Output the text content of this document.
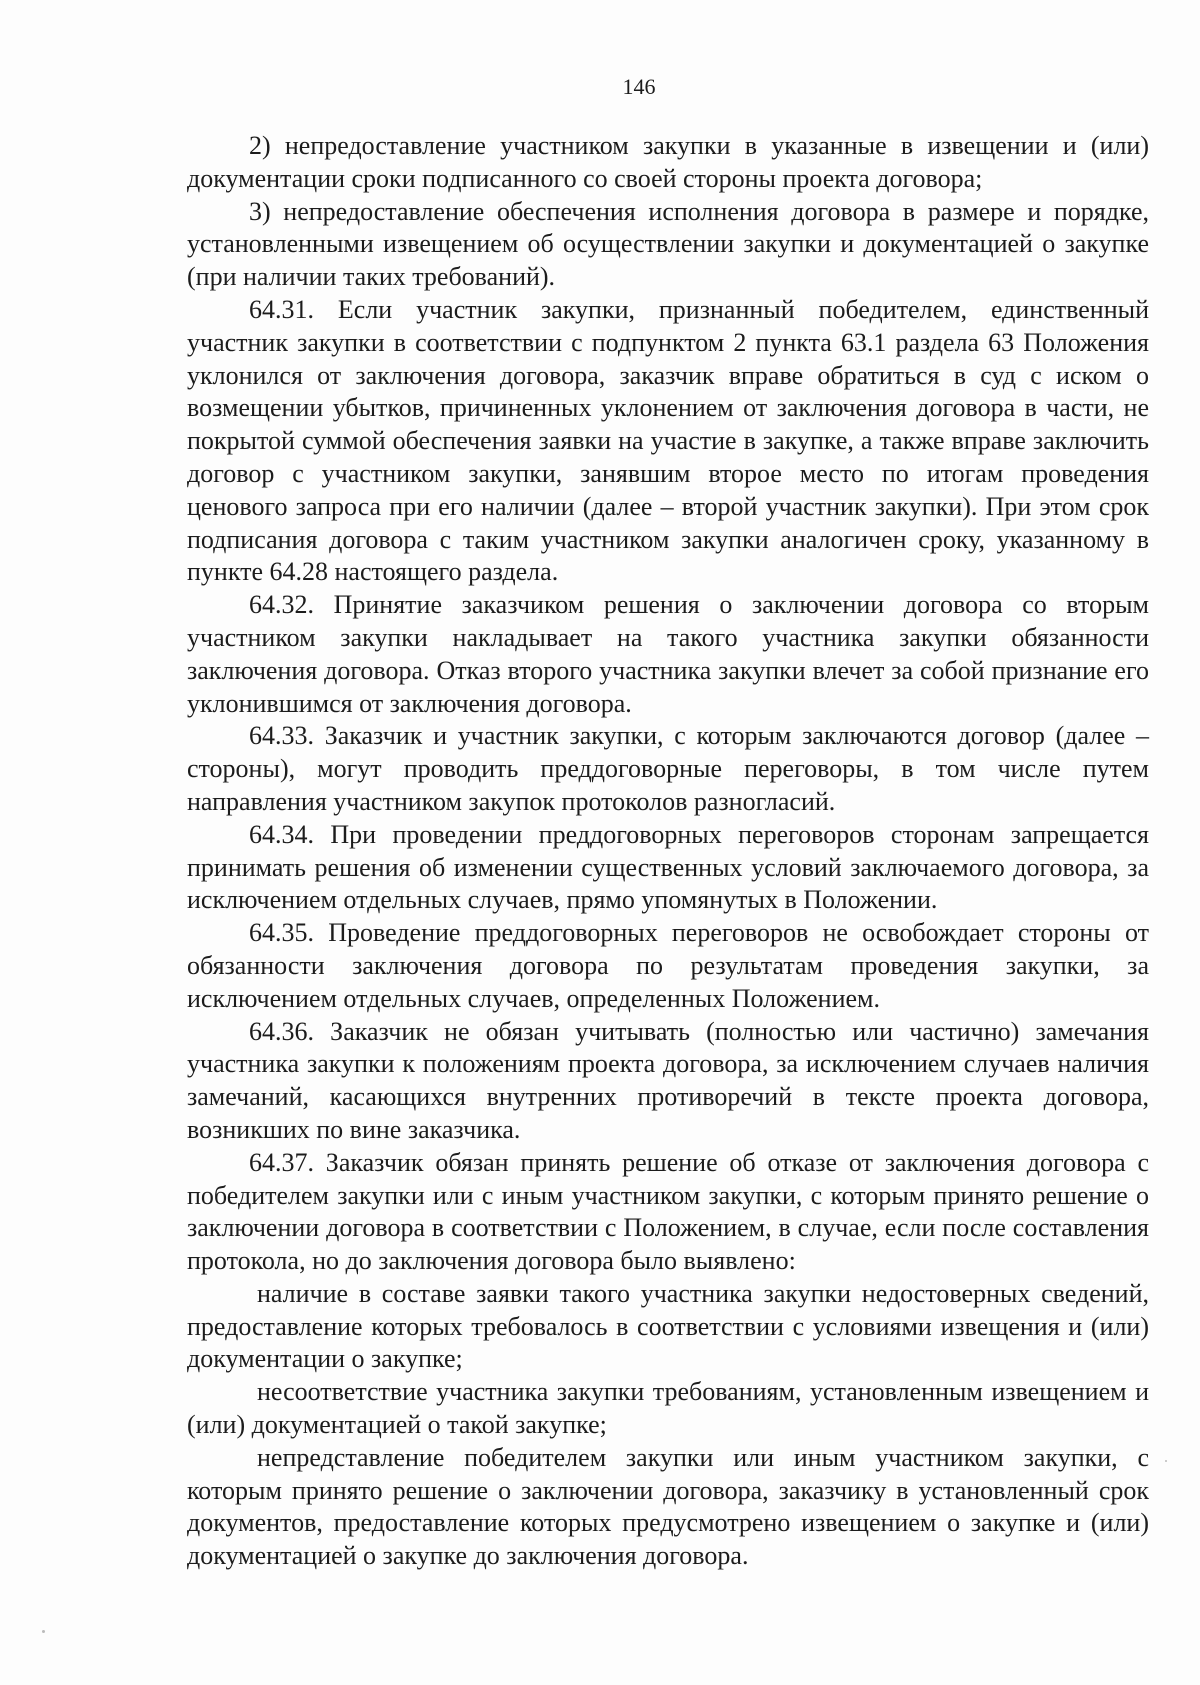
146

2) непредоставление участником закупки в указанные в извещении и (или) документации сроки подписанного со своей стороны проекта договора;

3) непредоставление обеспечения исполнения договора в размере и порядке, установленными извещением об осуществлении закупки и документацией о закупке (при наличии таких требований).

64.31. Если участник закупки, признанный победителем, единственный участник закупки в соответствии с подпунктом 2 пункта 63.1 раздела 63 Положения уклонился от заключения договора, заказчик вправе обратиться в суд с иском о возмещении убытков, причиненных уклонением от заключения договора в части, не покрытой суммой обеспечения заявки на участие в закупке, а также вправе заключить договор с участником закупки, занявшим второе место по итогам проведения ценового запроса при его наличии (далее – второй участник закупки). При этом срок подписания договора с таким участником закупки аналогичен сроку, указанному в пункте 64.28 настоящего раздела.

64.32. Принятие заказчиком решения о заключении договора со вторым участником закупки накладывает на такого участника закупки обязанности заключения договора. Отказ второго участника закупки влечет за собой признание его уклонившимся от заключения договора.

64.33. Заказчик и участник закупки, с которым заключаются договор (далее – стороны), могут проводить преддоговорные переговоры, в том числе путем направления участником закупок протоколов разногласий.

64.34. При проведении преддоговорных переговоров сторонам запрещается принимать решения об изменении существенных условий заключаемого договора, за исключением отдельных случаев, прямо упомянутых в Положении.

64.35. Проведение преддоговорных переговоров не освобождает стороны от обязанности заключения договора по результатам проведения закупки, за исключением отдельных случаев, определенных Положением.

64.36. Заказчик не обязан учитывать (полностью или частично) замечания участника закупки к положениям проекта договора, за исключением случаев наличия замечаний, касающихся внутренних противоречий в тексте проекта договора, возникших по вине заказчика.

64.37. Заказчик обязан принять решение об отказе от заключения договора с победителем закупки или с иным участником закупки, с которым принято решение о заключении договора в соответствии с Положением, в случае, если после составления протокола, но до заключения договора было выявлено:

наличие в составе заявки такого участника закупки недостоверных сведений, предоставление которых требовалось в соответствии с условиями извещения и (или) документации о закупке;

несоответствие участника закупки требованиям, установленным извещением и (или) документацией о такой закупке;

непредставление победителем закупки или иным участником закупки, с которым принято решение о заключении договора, заказчику в установленный срок документов, предоставление которых предусмотрено извещением о закупке и (или) документацией о закупке до заключения договора.
